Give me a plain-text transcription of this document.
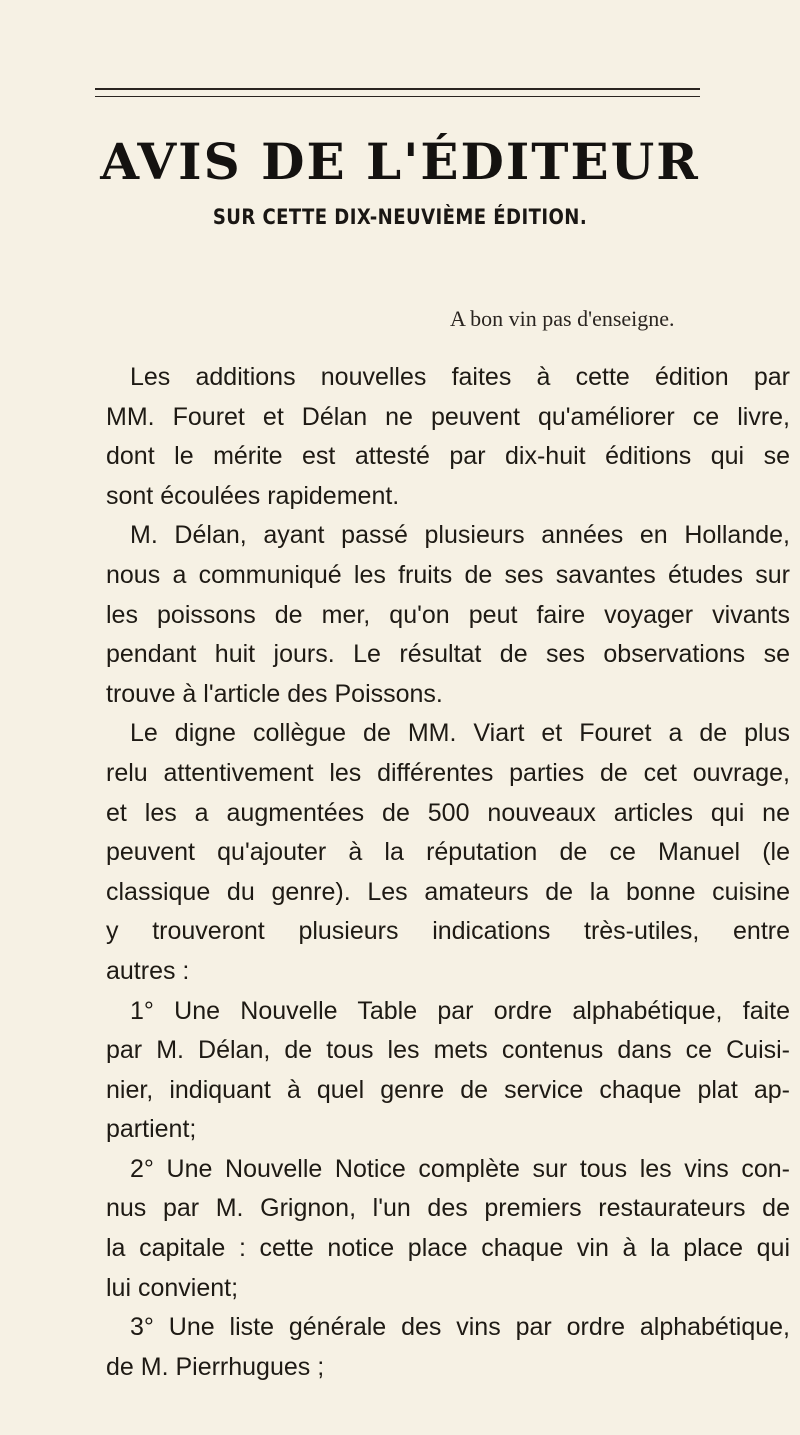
AVIS DE L'ÉDITEUR
SUR CETTE DIX-NEUVIÈME ÉDITION.
A bon vin pas d'enseigne.

Les additions nouvelles faites à cette édition par
MM. Fouret et Délan ne peuvent qu'améliorer ce livre,
dont le mérite est attesté par dix-huit éditions qui se
sont écoulées rapidement.

M. Délan, ayant passé plusieurs années en Hollande,
nous a communiqué les fruits de ses savantes études sur
les poissons de mer, qu'on peut faire voyager vivants
pendant huit jours. Le résultat de ses observations se
trouve à l'article des Poissons.

Le digne collègue de MM. Viart et Fouret a de plus
relu attentivement les différentes parties de cet ouvrage,
et les a augmentées de 500 nouveaux articles qui ne
peuvent qu'ajouter à la réputation de ce Manuel (le
classique du genre). Les amateurs de la bonne cuisine
y trouveront plusieurs indications très-utiles, entre
autres :

1° Une Nouvelle Table par ordre alphabétique, faite
par M. Délan, de tous les mets contenus dans ce Cuisi-
nier, indiquant à quel genre de service chaque plat ap-
partient;

2° Une Nouvelle Notice complète sur tous les vins con-
nus par M. Grignon, l'un des premiers restaurateurs de
la capitale : cette notice place chaque vin à la place qui
lui convient;

3° Une liste générale des vins par ordre alphabétique,
de M. Pierrhugues ;
